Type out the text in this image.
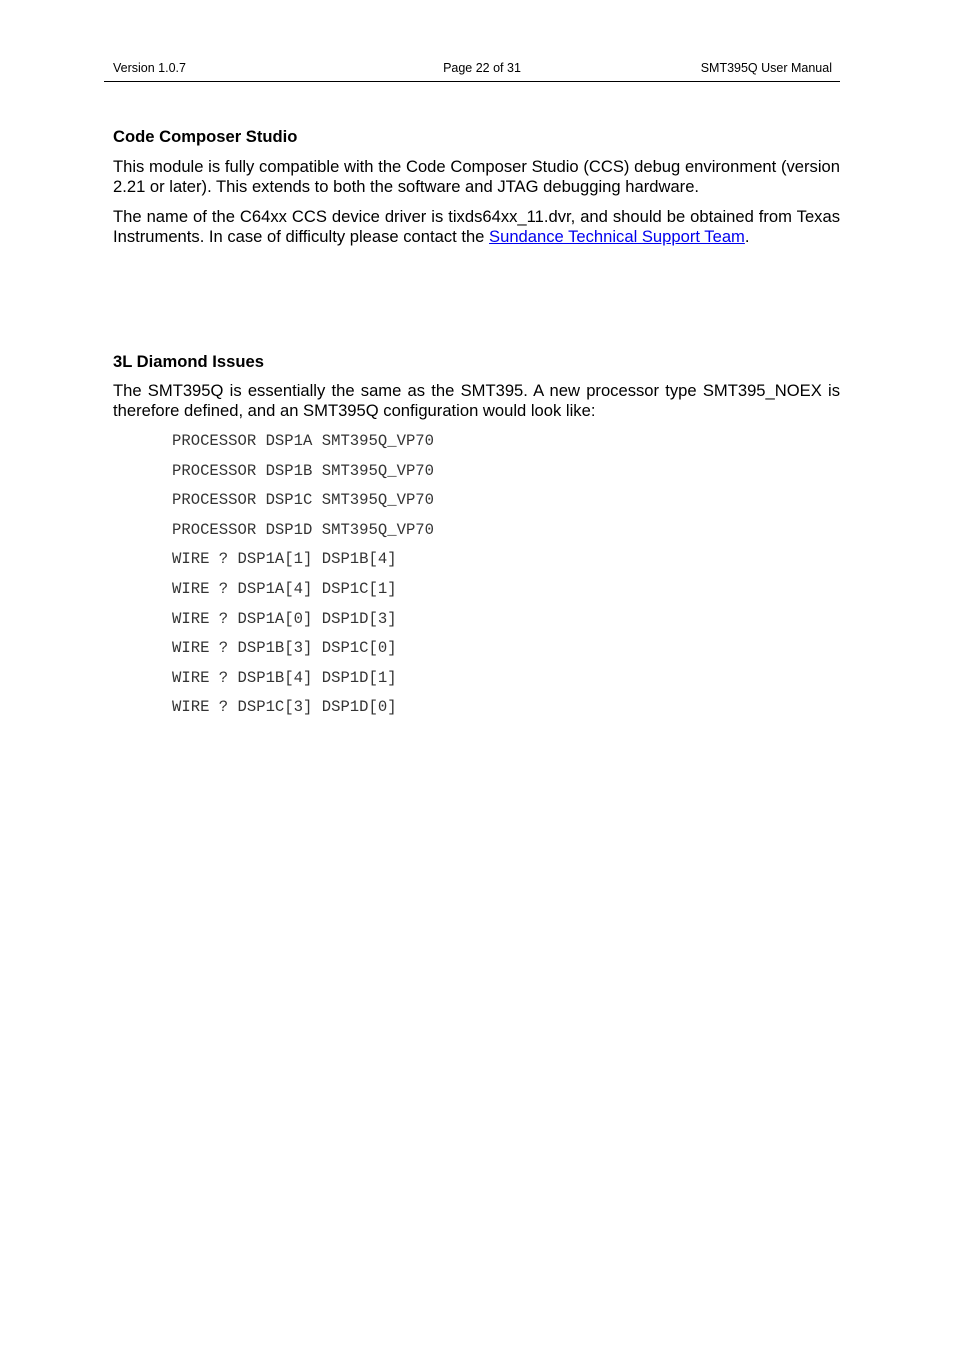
Version 1.0.7	Page 22 of 31	SMT395Q User Manual
Code Composer Studio

This module is fully compatible with the Code Composer Studio (CCS) debug environment (version 2.21 or later). This extends to both the software and JTAG debugging hardware.

The name of the C64xx CCS device driver is tixds64xx_11.dvr, and should be obtained from Texas Instruments. In case of difficulty please contact the Sundance Technical Support Team.

3L Diamond Issues

The SMT395Q is essentially the same as the SMT395. A new processor type SMT395_NOEX is therefore defined, and an SMT395Q configuration would look like:

PROCESSOR DSP1A SMT395Q_VP70
PROCESSOR DSP1B SMT395Q_VP70
PROCESSOR DSP1C SMT395Q_VP70
PROCESSOR DSP1D SMT395Q_VP70
WIRE ? DSP1A[1] DSP1B[4]
WIRE ? DSP1A[4] DSP1C[1]
WIRE ? DSP1A[0] DSP1D[3]
WIRE ? DSP1B[3] DSP1C[0]
WIRE ? DSP1B[4] DSP1D[1]
WIRE ? DSP1C[3] DSP1D[0]
